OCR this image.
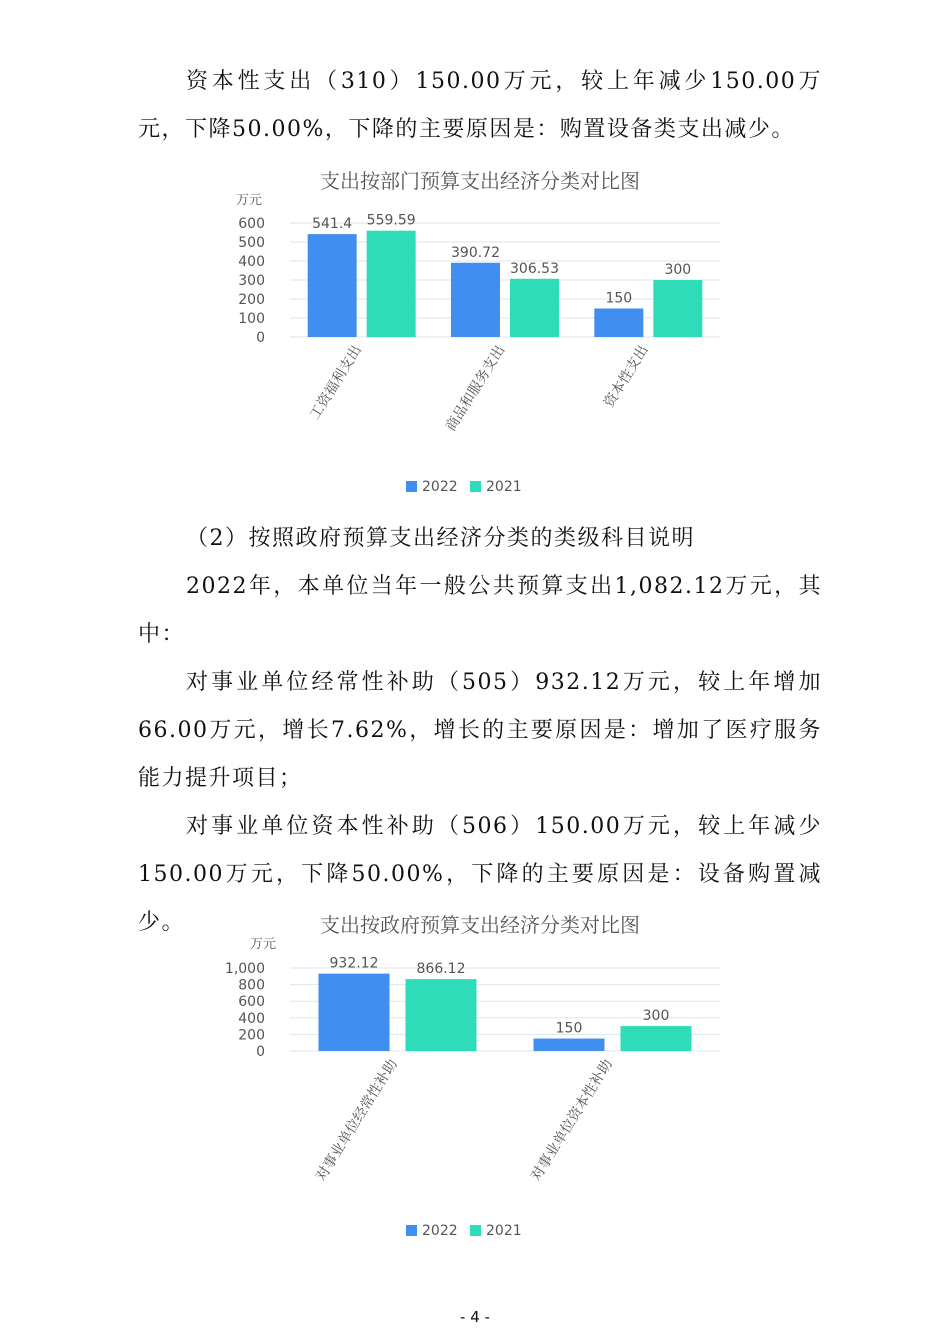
资本性支出（310）150.00万元，较上年减少150.00万元，下降50.00%，下降的主要原因是：购置设备类支出减少。

支出按部门预算支出经济分类对比图
万元
0
100
200
300
400
500
600	541.4 559.59
工资福利支出
390.72
306.53
商品和服务支出
150
300
资本性支出
2022 2021

（2）按照政府预算支出经济分类的类级科目说明

2022年，本单位当年一般公共预算支出1,082.12万元，其中：

对事业单位经常性补助（505）932.12万元，较上年增加66.00万元，增长7.62%，增长的主要原因是：增加了医疗服务能力提升项目；

对事业单位资本性补助（506）150.00万元，较上年减少150.00万元，下降50.00%，下降的主要原因是：设备购置减少。	支出按政府预算支出经济分类对比图
万元
0
200
400
600
800
1,000	932.12	866.12
对事业单位经常性补助
150
300
对事业单位资本性补助
2022 2021
- 4 -
